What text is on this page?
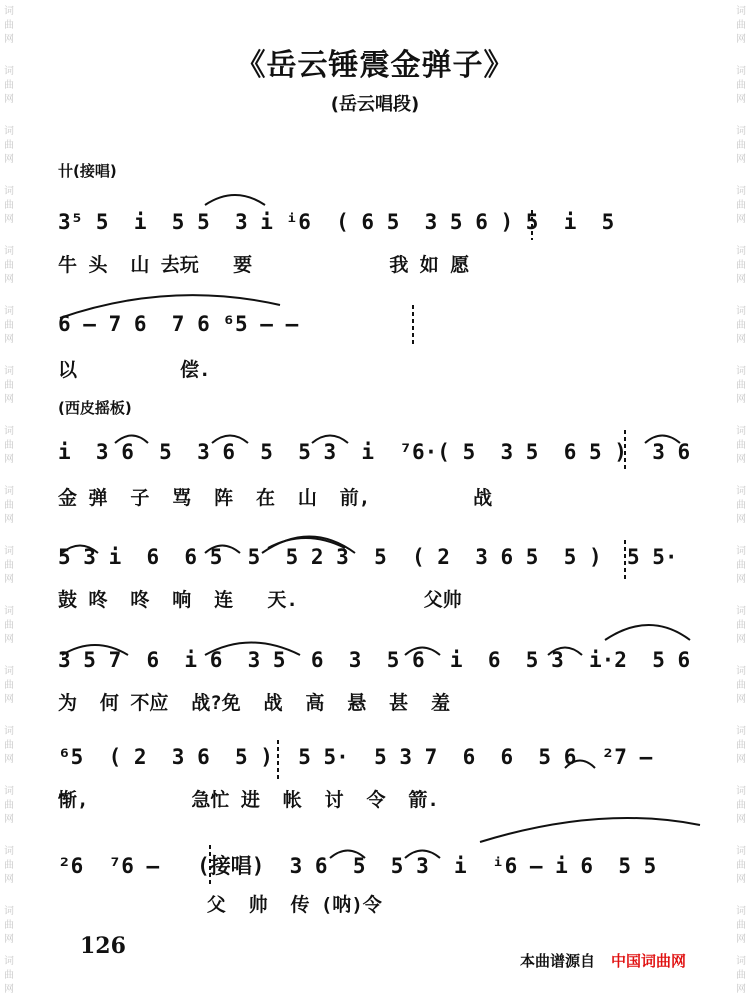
词曲网
词曲网
词曲网
词曲网
词曲网
词曲网
词曲网
词曲网
词曲网
词曲网
词曲网
词曲网
词曲网
词曲网
词曲网
词曲网
词曲网
词曲网
词曲网
词曲网
词曲网
词曲网
词曲网
词曲网
词曲网
词曲网
词曲网
词曲网
词曲网
词曲网
词曲网
词曲网
词曲网
词曲网
《岳云锤震金弹子》
(岳云唱段)
卄(接唱)
3⁵ 5  i  5 5  3 i ⁱ6  ( 6 5  3 5 6 ) 5  i  5
牛 头  山 去玩   要            我 如 愿
6 — 7 6  7 6 ⁶5 — —
以         偿.
(西皮摇板)
i  3 6  5  3 6  5  5 3  i  ⁷6·( 5  3 5  6 5 )  3 6
金 弹  子  骂  阵  在  山  前,         战
5 3 i  6  6 5  5  5 2 3  5  ( 2  3 6 5  5 )  5 5·
鼓 咚  咚  响  连   天.           父帅
3 5 7  6  i 6  3 5  6  3  5 6  i  6  5 3  i·2  5 6
为  何 不应  战?免  战  高  悬  甚  羞
⁶5  ( 2  3 6  5 )  5 5·  5 3 7  6  6  5 6  ²7 —
惭,         急忙 进  帐  讨  令  箭.
²6  ⁷6 —   (接唱)  3 6  5  5 3  i  ⁱ6 — i 6  5 5
父  帅  传 (呐)令
126
本曲谱源自 中国词曲网
